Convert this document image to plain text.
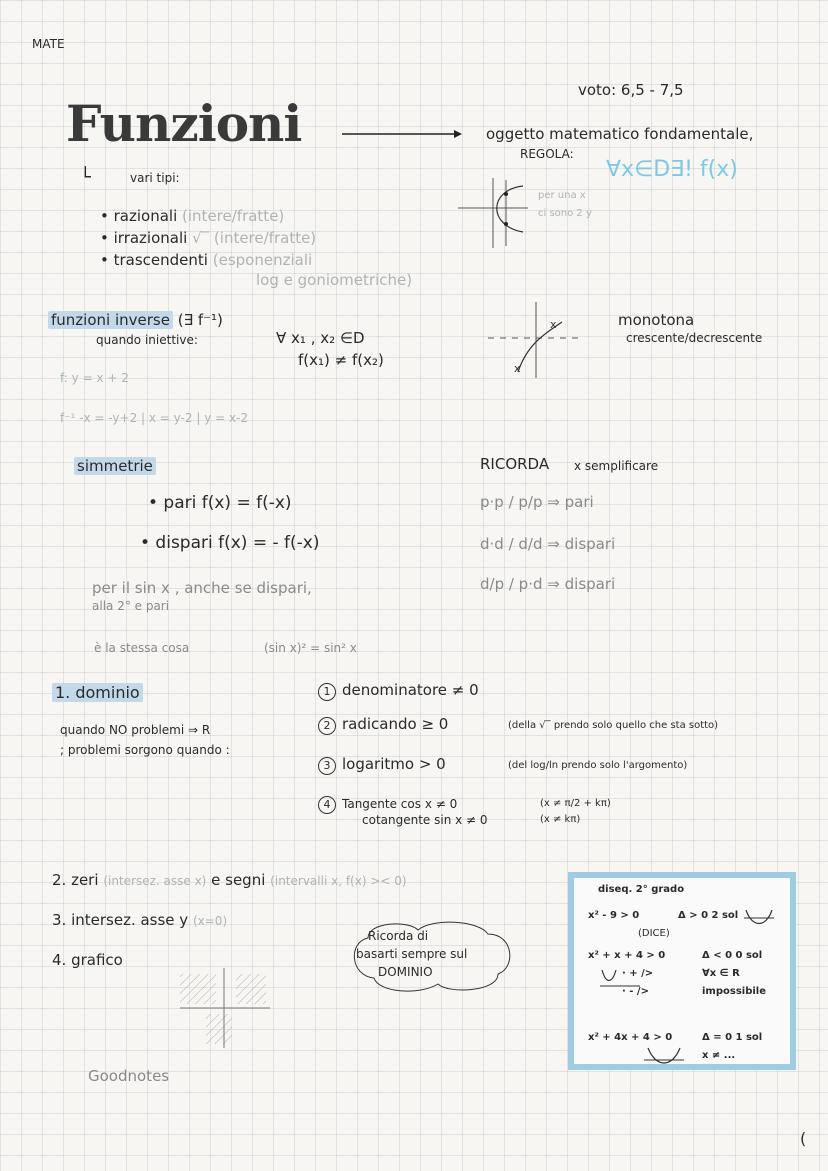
MATE
voto: 6,5 - 7,5
Funzioni	oggetto matematico fondamentale,
REGOLA:
∀x∈D∃! f(x)
└	vari tipi:
• razionali (intere/fratte)
• irrazionali √‾ (intere/fratte)
• trascendenti (esponenziali
log e goniometriche)
per una x
ci sono 2 y
funzioni inverse (∃ f⁻¹)
quando iniettive:	∀ x₁ , x₂ ∈D
f(x₁) ≠ f(x₂)
f: y = x + 2
f⁻¹ -x = -y+2 | x = y-2 | y = x-2
x
x
monotona
crescente/decrescente
simmetrie
• pari f(x) = f(-x)
• dispari f(x) = - f(-x)
per il sin x , anche se dispari,
alla 2° e pari
è la stessa cosa	(sin x)² = sin² x
RICORDA x semplificare
p·p / p/p ⇒ pari
d·d / d/d ⇒ dispari
d/p / p·d ⇒ dispari
1. dominio
quando NO problemi ⇒ R
; problemi sorgono quando :
1 denominatore ≠ 0
2 radicando ≥ 0	(della √‾ prendo solo quello che sta sotto)
3 logaritmo > 0	(del log/ln prendo solo l'argomento)
4 Tangente cos x ≠ 0	(x ≠ π/2 + kπ)
cotangente sin x ≠ 0	(x ≠ kπ)
2. zeri (intersez. asse x) e segni (intervalli x, f(x) >< 0)
3. intersez. asse y (x=0)
4. grafico
Ricorda di
basarti sempre sul
DOMINIO
Goodnotes
diseq. 2° grado
x² - 9 > 0	Δ > 0 2 sol
(DICE)
x² + x + 4 > 0	Δ < 0 0 sol
· + />	∀x ∈ R
· - />	impossibile
x² + 4x + 4 > 0	Δ = 0 1 sol
x ≠ ...
(
